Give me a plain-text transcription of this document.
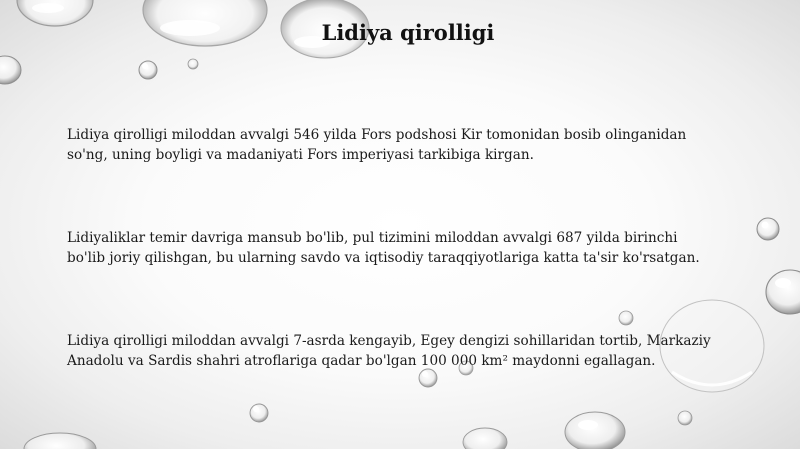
Lidiya qirolligi

Lidiya qirolligi miloddan avvalgi 546 yilda Fors podshosi Kir tomonidan bosib olinganidan
so'ng, uning boyligi va madaniyati Fors imperiyasi tarkibiga kirgan.

Lidiyaliklar temir davriga mansub bo'lib, pul tizimini miloddan avvalgi 687 yilda birinchi
bo'lib joriy qilishgan, bu ularning savdo va iqtisodiy taraqqiyotlariga katta ta'sir ko'rsatgan.

Lidiya qirolligi miloddan avvalgi 7-asrda kengayib, Egey dengizi sohillaridan tortib, Markaziy
Anadolu va Sardis shahri atroflariga qadar bo'lgan 100 000 km² maydonni egallagan.
